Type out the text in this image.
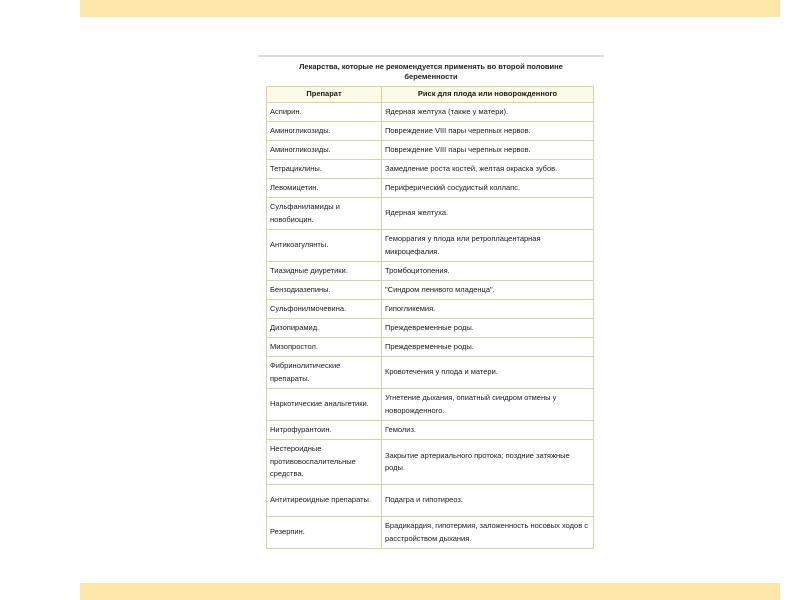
Лекарства, которые не рекомендуется применять во второй половине беременности
Препарат	Риск для плода или новорожденного
Аспирин.	Ядерная желтуха (также у матери).
Аминогликозиды.	Повреждение VIII пары черепных нервов.
Аминогликозиды.	Повреждение VIII пары черепных нервов.
Тетрациклины.	Замедление роста костей, желтая окраска зубов.
Левомицетин.	Периферический сосудистый коллапс.
Сульфаниламиды и новобиоцин.	Ядерная желтуха.
Антикоагулянты.	Геморрагия у плода или ретроплацентарная микроцефалия.
Тиазидные диуретики.	Тромбоцитопения.
Бензодиазепины.	"Синдром ленивого младенца".
Сульфонилмочевина.	Гипогликемия.
Дизопирамид.	Преждевременные роды.
Мизопростол.	Преждевременные роды.
Фибринолитические препараты.	Кровотечения у плода и матери.
Наркотические анальгетики.	Угнетение дыхания, опиатный синдром отмены у новорожденного.
Нитрофурантоин.	Гемолиз.
Нестероидные противовоспалительные средства.	Закрытие артериального протока; поздние затяжные роды.
Антитиреоидные препараты.	Подагра и гипотиреоз.
Резерпин.	Брадикардия, гипотермия, заложенность носовых ходов с расстройством дыхания.
